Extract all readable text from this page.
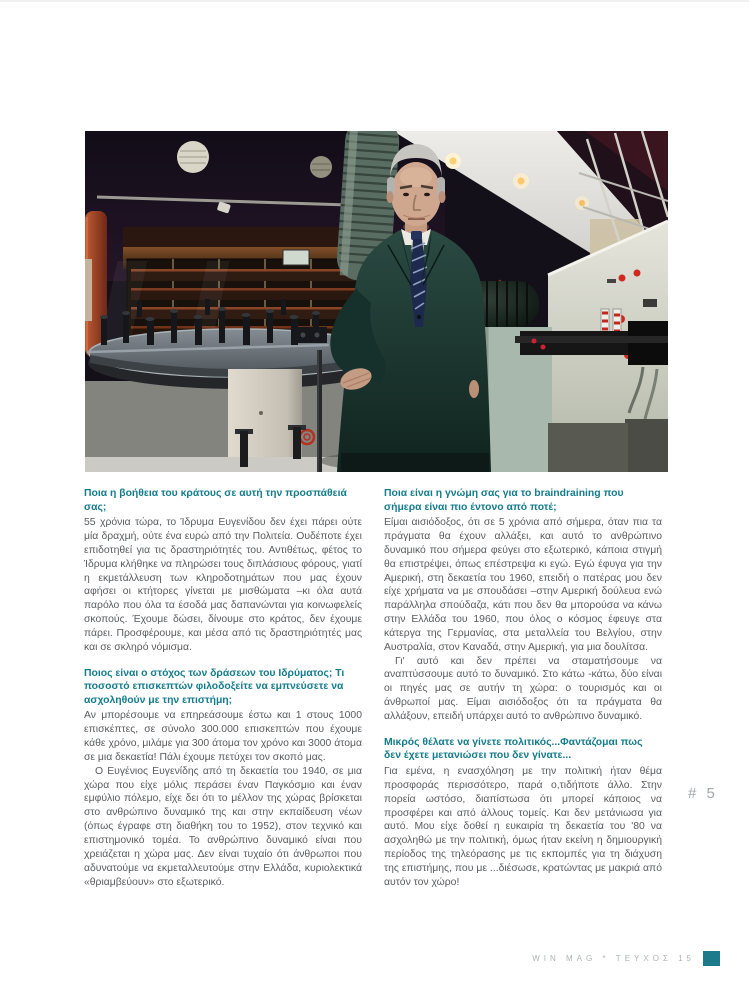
Ποια η βοήθεια του κράτους σε αυτή την προσπάθειά σας;

55 χρόνια τώρα, το Ίδρυμα Ευγενίδου δεν έχει πάρει ούτε μία δραχμή, ούτε ένα ευρώ από την Πολιτεία. Ουδέποτε έχει επιδοτηθεί για τις δραστηριότητές του. Αντιθέτως, φέτος το Ίδρυμα κλήθηκε να πληρώσει τους διπλάσιους φόρους, γιατί η εκμετάλλευση των κληροδοτημάτων που μας έχουν αφήσει οι κτήτορες γίνεται με μισθώματα –κι όλα αυτά παρόλο που όλα τα έσοδά μας δαπανώνται για κοινωφελείς σκοπούς. Έχουμε δώσει, δίνουμε στο κράτος, δεν έχουμε πάρει. Προσφέρουμε, και μέσα από τις δραστηριότητές μας και σε σκληρό νόμισμα.

Ποιος είναι ο στόχος των δράσεων του Ιδρύματος; Τι ποσοστό επισκεπτών φιλοδοξείτε να εμπνεύσετε να ασχοληθούν με την επιστήμη;

Αν μπορέσουμε να επηρεάσουμε έστω και 1 στους 1000 επισκέπτες, σε σύνολο 300.000 επισκεπτών που έχουμε κάθε χρόνο, μιλάμε για 300 άτομα τον χρόνο και 3000 άτομα σε μια δεκαετία! Πάλι έχουμε πετύχει τον σκοπό μας.

Ο Ευγένιος Ευγενίδης από τη δεκαετία του 1940, σε μια χώρα που είχε μόλις περάσει έναν Παγκόσμιο και έναν εμφύλιο πόλεμο, είχε δει ότι το μέλλον της χώρας βρίσκεται στο ανθρώπινο δυναμικό της και στην εκπαίδευση νέων (όπως έγραφε στη διαθήκη του το 1952), στον τεχνικό και επιστημονικό τομέα. Το ανθρώπινο δυναμικό είναι που χρειάζεται η χώρα μας. Δεν είναι τυχαίο ότι άνθρωποι που αδυνατούμε να εκμεταλλευτούμε στην Ελλάδα, κυριολεκτικά «θριαμβεύουν» στο εξωτερικό.

Ποια είναι η γνώμη σας για το braindraining που σήμερα είναι πιο έντονο από ποτέ;

Είμαι αισιόδοξος, ότι σε 5 χρόνια από σήμερα, όταν πια τα πράγματα θα έχουν αλλάξει, και αυτό το ανθρώπινο δυναμικό που σήμερα φεύγει στο εξωτερικό, κάποια στιγμή θα επιστρέψει, όπως επέστρεψα κι εγώ. Εγώ έφυγα για την Αμερική, στη δεκαετία του 1960, επειδή ο πατέρας μου δεν είχε χρήματα να με σπουδάσει –στην Αμερική δούλευα ενώ παράλληλα σπούδαζα, κάτι που δεν θα μπορούσα να κάνω στην Ελλάδα του 1960, που όλος ο κόσμος έφευγε στα κάτεργα της Γερμανίας, στα μεταλλεία του Βελγίου, στην Αυστραλία, στον Καναδά, στην Αμερική, για μια δουλίτσα.

Γι' αυτό και δεν πρέπει να σταματήσουμε να αναπτύσσουμε αυτό το δυναμικό. Στο κάτω -κάτω, δύο είναι οι πηγές μας σε αυτήν τη χώρα: ο τουρισμός και οι άνθρωποί μας. Είμαι αισιόδοξος ότι τα πράγματα θα αλλάξουν, επειδή υπάρχει αυτό το ανθρώπινο δυναμικό.

Μικρός θέλατε να γίνετε πολιτικός...Φαντάζομαι πως δεν έχετε μετανιώσει που δεν γίνατε...

Για εμένα, η ενασχόληση με την πολιτική ήταν θέμα προσφοράς περισσότερο, παρά ο,τιδήποτε άλλο. Στην πορεία ωστόσο, διαπίστωσα ότι μπορεί κάποιος να προσφέρει και από άλλους τομείς. Και δεν μετάνιωσα για αυτό. Μου είχε δοθεί η ευκαιρία τη δεκαετία του '80 να ασχοληθώ με την πολιτική, όμως ήταν εκείνη η δημιουργική περίοδος της τηλεόρασης με τις εκπομπές για τη διάχυση της επιστήμης, που με ...διέσωσε, κρατώντας με μακριά από αυτόν τον χώρο!

# 5
WIN MAG * ΤΕΥΧΟΣ 15
